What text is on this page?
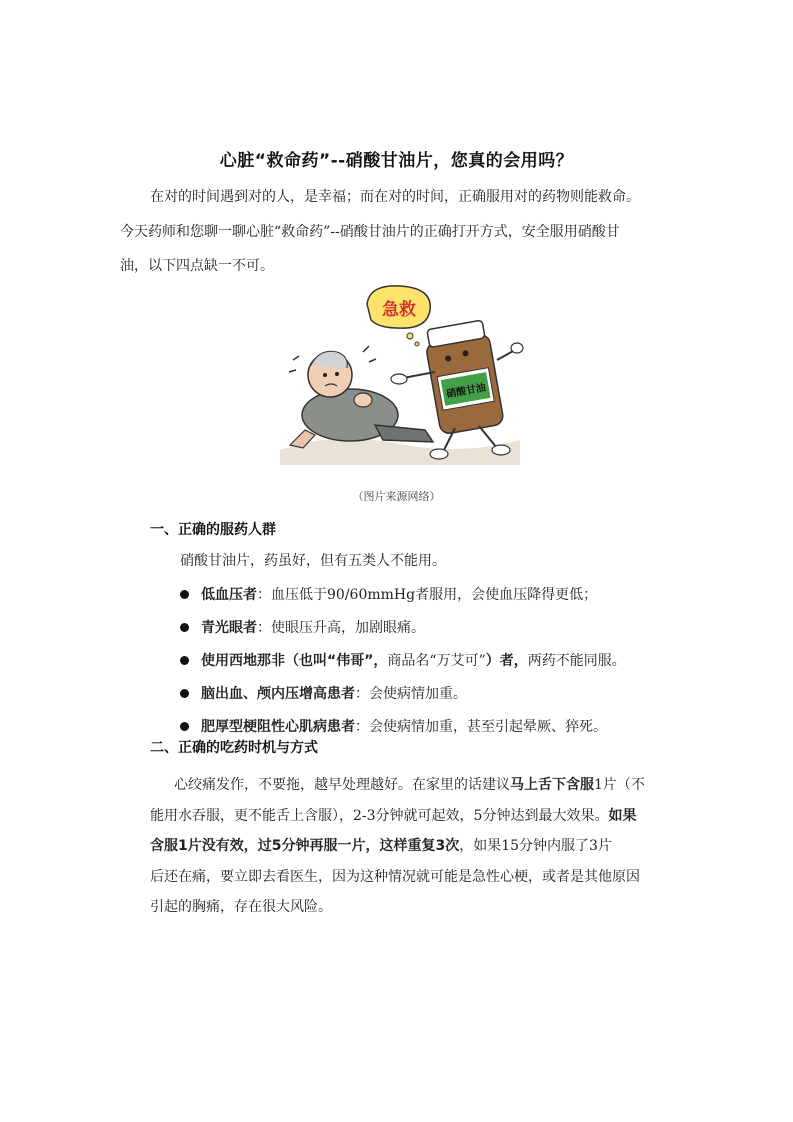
心脏“救命药”--硝酸甘油片，您真的会用吗？
在对的时间遇到对的人，是幸福；而在对的时间，正确服用对的药物则能救命。
今天药师和您聊一聊心脏“救命药”--硝酸甘油片的正确打开方式，安全服用硝酸甘
油，以下四点缺一不可。
硝酸甘油
急救
（图片来源网络）
一、正确的服药人群
硝酸甘油片，药虽好，但有五类人不能用。
低血压者 ：血压低于90/60mmHg者服用，会使血压降得更低；
青光眼者 ：使眼压升高，加剧眼痛。
使用西地那非（也叫“伟哥”， 商品名“万艾可” ）者， 两药不能同服。
脑出血、颅内压增高患者 ：会使病情加重。
肥厚型梗阻性心肌病患者 ：会使病情加重，甚至引起晕厥、猝死。
二、正确的吃药时机与方式
心绞痛发作，不要拖，越早处理越好。在家里的话建议马上舌下含服1片（不
能用水吞服，更不能舌上含服），2-3分钟就可起效，5分钟达到最大效果。如果
含服1片没有效，过5分钟再服一片，这样重复3次，如果15分钟内服了3片
后还在痛，要立即去看医生，因为这种情况就可能是急性心梗，或者是其他原因
引起的胸痛，存在很大风险。
